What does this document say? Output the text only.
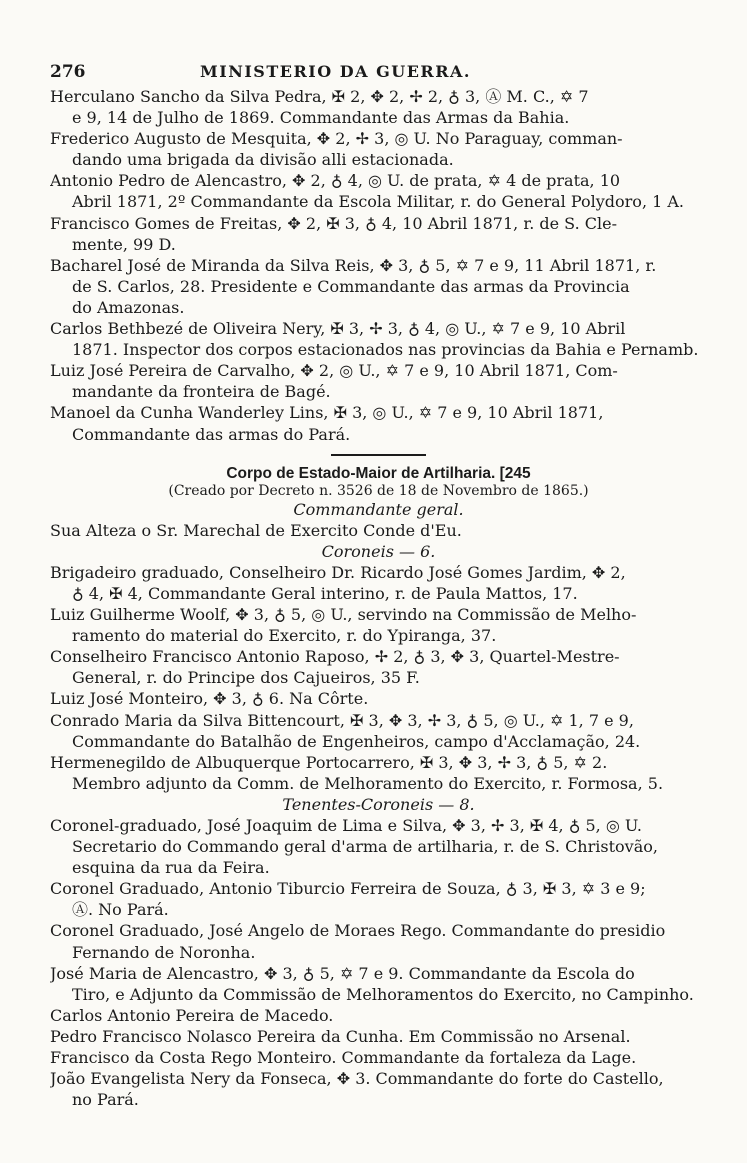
276	MINISTERIO DA GUERRA.
Herculano Sancho da Silva Pedra, ✠ 2, ✥ 2, ✢ 2, ♁ 3, Ⓐ M. C., ✡ 7
e 9, 14 de Julho de 1869. Commandante das Armas da Bahia.
Frederico Augusto de Mesquita, ✥ 2, ✢ 3, ◎ U. No Paraguay, comman-
dando uma brigada da divisão alli estacionada.
Antonio Pedro de Alencastro, ✥ 2, ♁ 4, ◎ U. de prata, ✡ 4 de prata, 10
Abril 1871, 2º Commandante da Escola Militar, r. do General Polydoro, 1 A.
Francisco Gomes de Freitas, ✥ 2, ✠ 3, ♁ 4, 10 Abril 1871, r. de S. Cle-
mente, 99 D.
Bacharel José de Miranda da Silva Reis, ✥ 3, ♁ 5, ✡ 7 e 9, 11 Abril 1871, r.
de S. Carlos, 28. Presidente e Commandante das armas da Provincia
do Amazonas.
Carlos Bethbezé de Oliveira Nery, ✠ 3, ✢ 3, ♁ 4, ◎ U., ✡ 7 e 9, 10 Abril
1871. Inspector dos corpos estacionados nas provincias da Bahia e Pernamb.
Luiz José Pereira de Carvalho, ✥ 2, ◎ U., ✡ 7 e 9, 10 Abril 1871, Com-
mandante da fronteira de Bagé.
Manoel da Cunha Wanderley Lins, ✠ 3, ◎ U., ✡ 7 e 9, 10 Abril 1871,
Commandante das armas do Pará.
Corpo de Estado-Maior de Artilharia. [245
(Creado por Decreto n. 3526 de 18 de Novembro de 1865.)
Commandante geral.
Sua Alteza o Sr. Marechal de Exercito Conde d'Eu.
Coroneis — 6.
Brigadeiro graduado, Conselheiro Dr. Ricardo José Gomes Jardim, ✥ 2,
♁ 4, ✠ 4, Commandante Geral interino, r. de Paula Mattos, 17.
Luiz Guilherme Woolf, ✥ 3, ♁ 5, ◎ U., servindo na Commissão de Melho-
ramento do material do Exercito, r. do Ypiranga, 37.
Conselheiro Francisco Antonio Raposo, ✢ 2, ♁ 3, ✥ 3, Quartel-Mestre-
General, r. do Principe dos Cajueiros, 35 F.
Luiz José Monteiro, ✥ 3, ♁ 6. Na Côrte.
Conrado Maria da Silva Bittencourt, ✠ 3, ✥ 3, ✢ 3, ♁ 5, ◎ U., ✡ 1, 7 e 9,
Commandante do Batalhão de Engenheiros, campo d'Acclamação, 24.
Hermenegildo de Albuquerque Portocarrero, ✠ 3, ✥ 3, ✢ 3, ♁ 5, ✡ 2.
Membro adjunto da Comm. de Melhoramento do Exercito, r. Formosa, 5.
Tenentes-Coroneis — 8.
Coronel-graduado, José Joaquim de Lima e Silva, ✥ 3, ✢ 3, ✠ 4, ♁ 5, ◎ U.
Secretario do Commando geral d'arma de artilharia, r. de S. Christovão,
esquina da rua da Feira.
Coronel Graduado, Antonio Tiburcio Ferreira de Souza, ♁ 3, ✠ 3, ✡ 3 e 9;
Ⓐ. No Pará.
Coronel Graduado, José Angelo de Moraes Rego. Commandante do presidio
Fernando de Noronha.
José Maria de Alencastro, ✥ 3, ♁ 5, ✡ 7 e 9. Commandante da Escola do
Tiro, e Adjunto da Commissão de Melhoramentos do Exercito, no Campinho.
Carlos Antonio Pereira de Macedo.
Pedro Francisco Nolasco Pereira da Cunha. Em Commissão no Arsenal.
Francisco da Costa Rego Monteiro. Commandante da fortaleza da Lage.
João Evangelista Nery da Fonseca, ✥ 3. Commandante do forte do Castello,
no Pará.
